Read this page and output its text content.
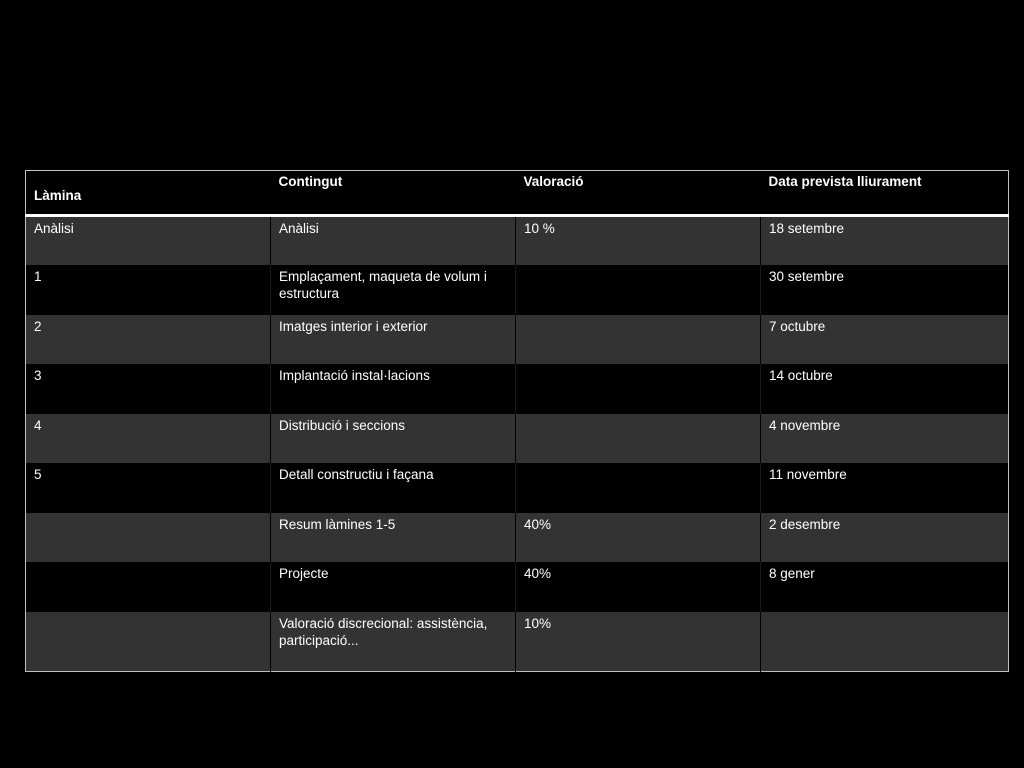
Làmina	Contingut	Valoració	Data prevista lliurament
Anàlisi	Anàlisi	10 %	18 setembre
1	Emplaçament, maqueta de volum i estructura		30 setembre
2	Imatges interior i exterior		7 octubre
3	Implantació instal·lacions		14 octubre
4	Distribució i seccions		4 novembre
5	Detall constructiu i façana		11 novembre
	Resum làmines 1-5	40%	2 desembre
	Projecte	40%	8 gener
	Valoració discrecional: assistència, participació...	10%	
